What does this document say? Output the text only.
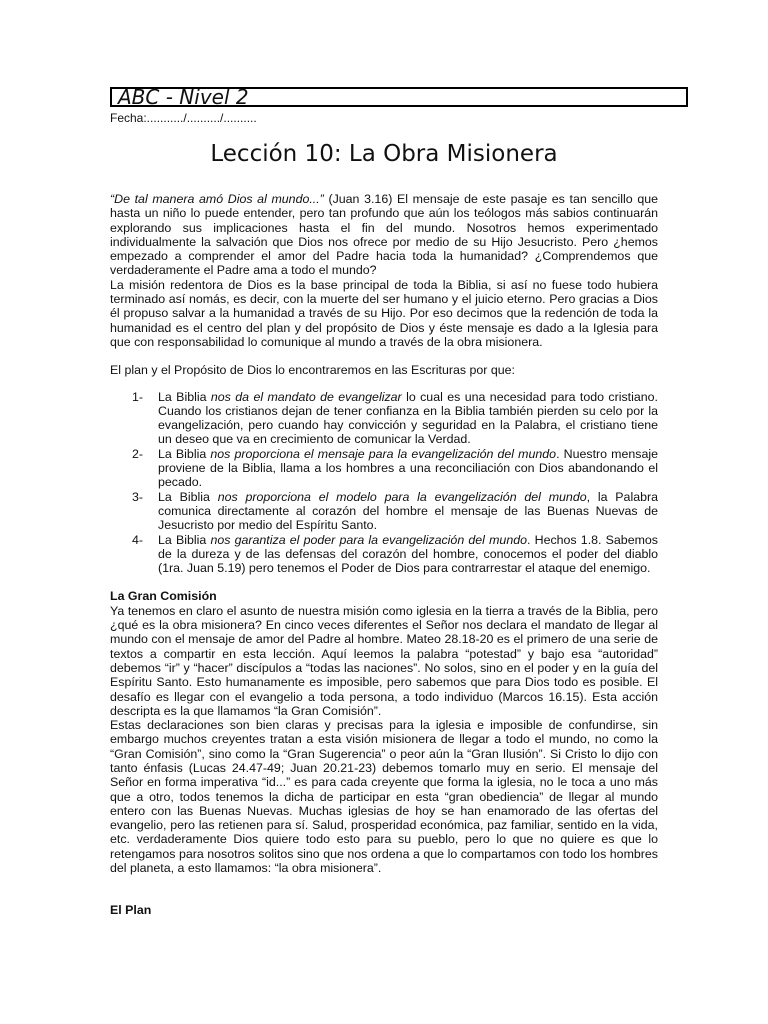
ABC - Nivel 2
Fecha:.........../........../..........
Lección 10: La Obra Misionera

“De tal manera amó Dios al mundo...” (Juan 3.16) El mensaje de este pasaje es tan sencillo que hasta un niño lo puede entender, pero tan profundo que aún los teólogos más sabios continuarán explorando sus implicaciones hasta el fin del mundo. Nosotros hemos experimentado individualmente la salvación que Dios nos ofrece por medio de su Hijo Jesucristo. Pero ¿hemos empezado a comprender el amor del Padre hacia toda la humanidad? ¿Comprendemos que verdaderamente el Padre ama a todo el mundo?

La misión redentora de Dios es la base principal de toda la Biblia, si así no fuese todo hubiera terminado así nomás, es decir, con la muerte del ser humano y el juicio eterno. Pero gracias a Dios él propuso salvar a la humanidad a través de su Hijo. Por eso decimos que la redención de toda la humanidad es el centro del plan y del propósito de Dios y éste mensaje es dado a la Iglesia para que con responsabilidad lo comunique al mundo a través de la obra misionera.

El plan y el Propósito de Dios lo encontraremos en las Escrituras por que:

1- La Biblia nos da el mandato de evangelizar lo cual es una necesidad para todo cristiano. Cuando los cristianos dejan de tener confianza en la Biblia también pierden su celo por la evangelización, pero cuando hay convicción y seguridad en la Palabra, el cristiano tiene un deseo que va en crecimiento de comunicar la Verdad.
2- La Biblia nos proporciona el mensaje para la evangelización del mundo. Nuestro mensaje proviene de la Biblia, llama a los hombres a una reconciliación con Dios abandonando el pecado.
3- La Biblia nos proporciona el modelo para la evangelización del mundo, la Palabra comunica directamente al corazón del hombre el mensaje de las Buenas Nuevas de Jesucristo por medio del Espíritu Santo.
4- La Biblia nos garantiza el poder para la evangelización del mundo. Hechos 1.8. Sabemos de la dureza y de las defensas del corazón del hombre, conocemos el poder del diablo (1ra. Juan 5.19) pero tenemos el Poder de Dios para contrarrestar el ataque del enemigo.

La Gran Comisión

Ya tenemos en claro el asunto de nuestra misión como iglesia en la tierra a través de la Biblia, pero ¿qué es la obra misionera? En cinco veces diferentes el Señor nos declara el mandato de llegar al mundo con el mensaje de amor del Padre al hombre. Mateo 28.18-20 es el primero de una serie de textos a compartir en esta lección. Aquí leemos la palabra “potestad” y bajo esa “autoridad” debemos “ir” y “hacer” discípulos a “todas las naciones”. No solos, sino en el poder y en la guía del Espíritu Santo. Esto humanamente es imposible, pero sabemos que para Dios todo es posible. El desafío es llegar con el evangelio a toda persona, a todo individuo (Marcos 16.15). Esta acción descripta es la que llamamos “la Gran Comisión”.

Estas declaraciones son bien claras y precisas para la iglesia e imposible de confundirse, sin embargo muchos creyentes tratan a esta visión misionera de llegar a todo el mundo, no como la “Gran Comisión”, sino como la “Gran Sugerencia” o peor aún la “Gran Ilusión”. Si Cristo lo dijo con tanto énfasis (Lucas 24.47-49; Juan 20.21-23) debemos tomarlo muy en serio. El mensaje del Señor en forma imperativa “id...” es para cada creyente que forma la iglesia, no le toca a uno más que a otro, todos tenemos la dicha de participar en esta “gran obediencia” de llegar al mundo entero con las Buenas Nuevas. Muchas iglesias de hoy se han enamorado de las ofertas del evangelio, pero las retienen para sí. Salud, prosperidad económica, paz familiar, sentido en la vida, etc. verdaderamente Dios quiere todo esto para su pueblo, pero lo que no quiere es que lo retengamos para nosotros solitos sino que nos ordena a que lo compartamos con todo los hombres del planeta, a esto llamamos: “la obra misionera”.

El Plan
